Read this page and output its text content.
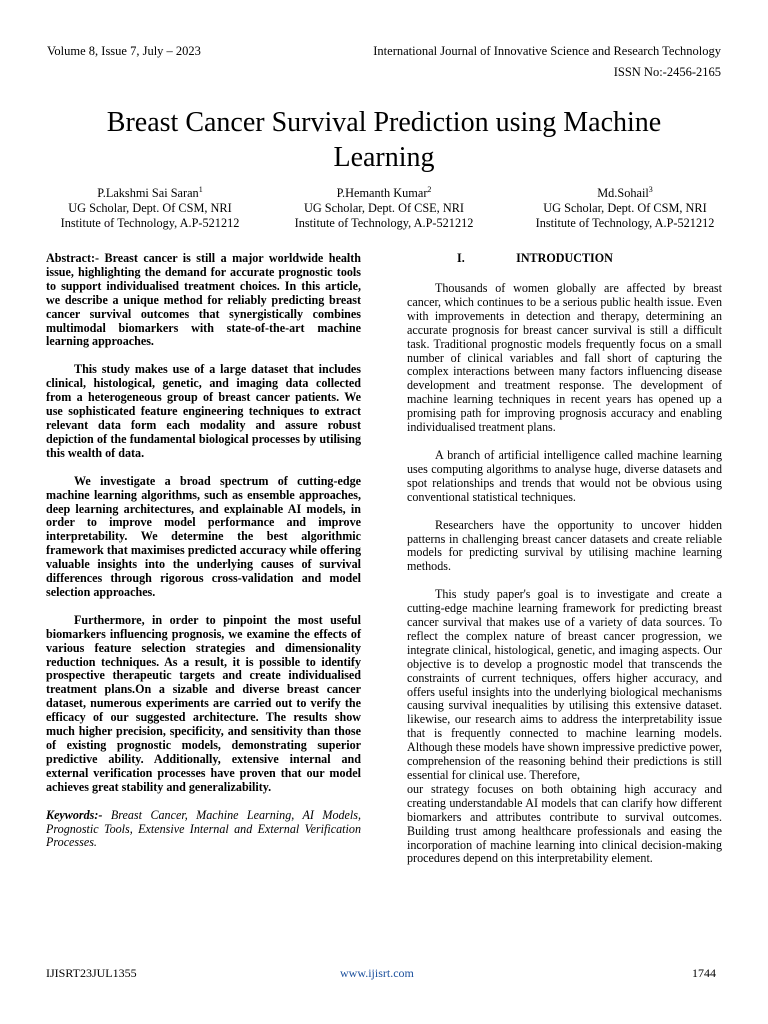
Volume 8, Issue 7, July – 2023	International Journal of Innovative Science and Research Technology
ISSN No:-2456-2165
Breast Cancer Survival Prediction using Machine Learning
P.Lakshmi Sai Saran$^1$
UG Scholar, Dept. Of CSM, NRI
Institute of Technology, A.P-521212
P.Hemanth Kumar$^2$
UG Scholar, Dept. Of CSE, NRI
Institute of Technology, A.P-521212
Md.Sohail$^3$
UG Scholar, Dept. Of CSM, NRI
Institute of Technology, A.P-521212

Abstract:- Breast cancer is still a major worldwide health issue, highlighting the demand for accurate prognostic tools to support individualised treatment choices. In this article, we describe a unique method for reliably predicting breast cancer survival outcomes that synergistically combines multimodal biomarkers with state-of-the-art machine learning approaches.

This study makes use of a large dataset that includes clinical, histological, genetic, and imaging data collected from a heterogeneous group of breast cancer patients. We use sophisticated feature engineering techniques to extract relevant data form each modality and assure robust depiction of the fundamental biological processes by utilising this wealth of data.

We investigate a broad spectrum of cutting-edge machine learning algorithms, such as ensemble approaches, deep learning architectures, and explainable AI models, in order to improve model performance and improve interpretability. We determine the best algorithmic framework that maximises predicted accuracy while offering valuable insights into the underlying causes of survival differences through rigorous cross-validation and model selection approaches.

Furthermore, in order to pinpoint the most useful biomarkers influencing prognosis, we examine the effects of various feature selection strategies and dimensionality reduction techniques. As a result, it is possible to identify prospective therapeutic targets and create individualised treatment plans.On a sizable and diverse breast cancer dataset, numerous experiments are carried out to verify the efficacy of our suggested architecture. The results show much higher precision, specificity, and sensitivity than those of existing prognostic models, demonstrating superior predictive ability. Additionally, extensive internal and external verification processes have proven that our model achieves great stability and generalizability.

Keywords:- Breast Cancer, Machine Learning, AI Models, Prognostic Tools, Extensive Internal and External Verification Processes.

I.	INTRODUCTION

Thousands of women globally are affected by breast cancer, which continues to be a serious public health issue. Even with improvements in detection and therapy, determining an accurate prognosis for breast cancer survival is still a difficult task. Traditional prognostic models frequently focus on a small number of clinical variables and fall short of capturing the complex interactions between many factors influencing disease development and treatment response. The development of machine learning techniques in recent years has opened up a promising path for improving prognosis accuracy and enabling individualised treatment plans.

A branch of artificial intelligence called machine learning uses computing algorithms to analyse huge, diverse datasets and spot relationships and trends that would not be obvious using conventional statistical techniques.

Researchers have the opportunity to uncover hidden patterns in challenging breast cancer datasets and create reliable models for predicting survival by utilising machine learning methods.

This study paper's goal is to investigate and create a cutting-edge machine learning framework for predicting breast cancer survival that makes use of a variety of data sources. To reflect the complex nature of breast cancer progression, we integrate clinical, histological, genetic, and imaging aspects. Our objective is to develop a prognostic model that transcends the constraints of current techniques, offers higher accuracy, and offers useful insights into the underlying biological mechanisms causing survival inequalities by utilising this extensive dataset. likewise, our research aims to address the interpretability issue that is frequently connected to machine learning models. Although these models have shown impressive predictive power, comprehension of the reasoning behind their predictions is still essential for clinical use. Therefore,

our strategy focuses on both obtaining high accuracy and creating understandable AI models that can clarify how different biomarkers and attributes contribute to survival outcomes. Building trust among healthcare professionals and easing the incorporation of machine learning into clinical decision-making procedures depend on this interpretability element.

IJISRT23JUL1355	www.ijisrt.com	1744
